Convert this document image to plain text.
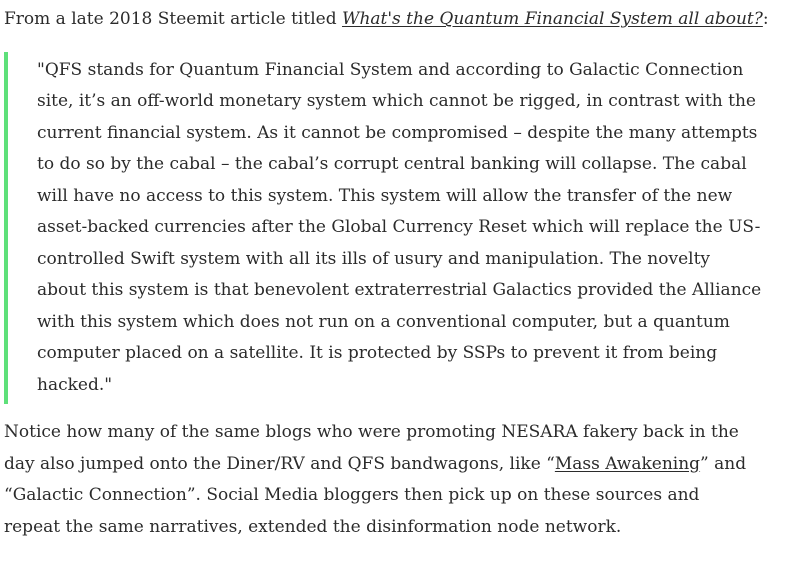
From a late 2018 Steemit article titled What's the Quantum Financial System all about?:

"QFS stands for Quantum Financial System and according to Galactic Connection
site, it’s an off-world monetary system which cannot be rigged, in contrast with the
current financial system. As it cannot be compromised – despite the many attempts
to do so by the cabal – the cabal’s corrupt central banking will collapse. The cabal
will have no access to this system. This system will allow the transfer of the new
asset-backed currencies after the Global Currency Reset which will replace the US-
controlled Swift system with all its ills of usury and manipulation. The novelty
about this system is that benevolent extraterrestrial Galactics provided the Alliance
with this system which does not run on a conventional computer, but a quantum
computer placed on a satellite. It is protected by SSPs to prevent it from being
hacked."
Notice how many of the same blogs who were promoting NESARA fakery back in the
day also jumped onto the Diner/RV and QFS bandwagons, like “Mass Awakening” and
“Galactic Connection”. Social Media bloggers then pick up on these sources and
repeat the same narratives, extended the disinformation node network.
